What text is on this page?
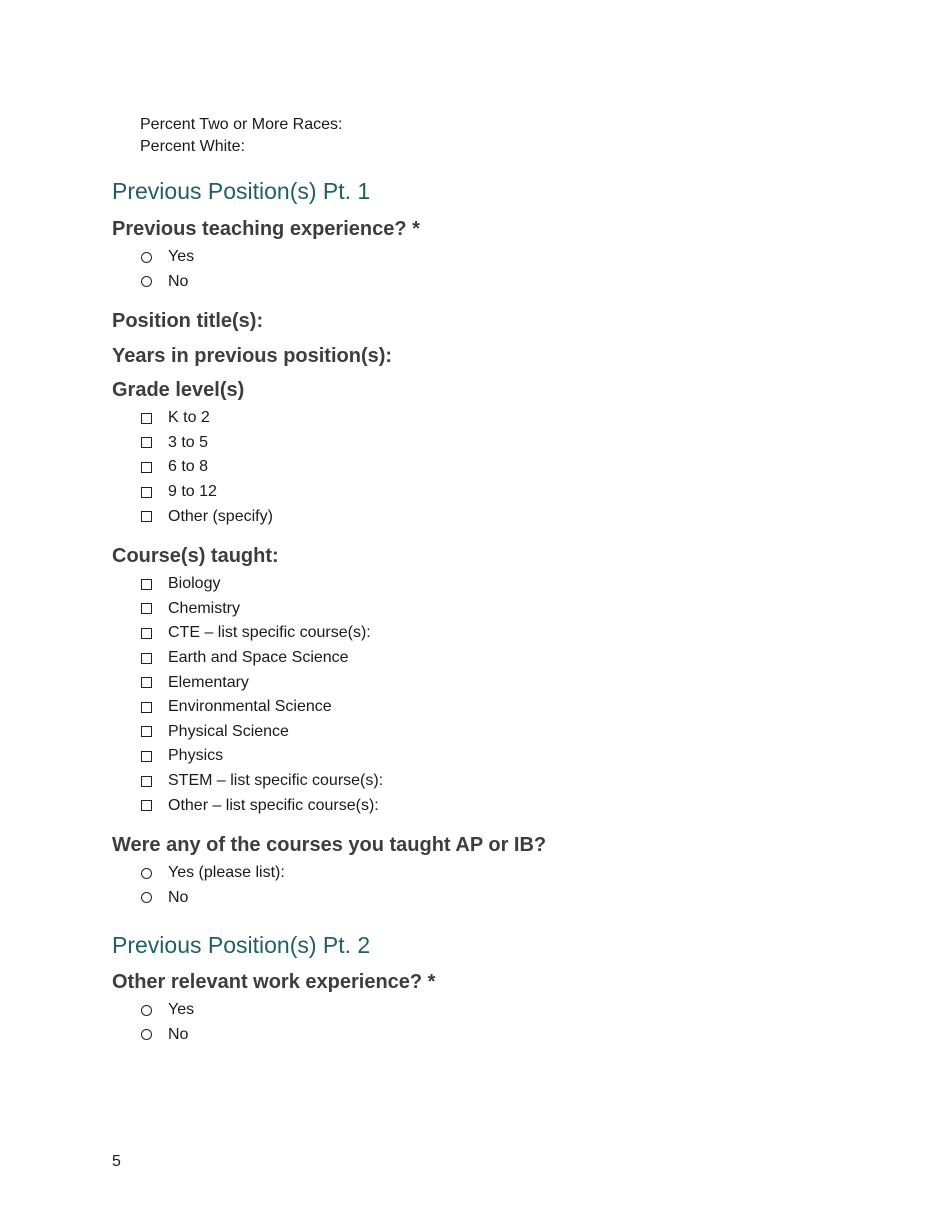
Percent Two or More Races:
Percent White:
Previous Position(s) Pt. 1
Previous teaching experience? *
Yes
No
Position title(s):
Years in previous position(s):
Grade level(s)
K to 2
3 to 5
6 to 8
9 to 12
Other (specify)
Course(s) taught:
Biology
Chemistry
CTE – list specific course(s):
Earth and Space Science
Elementary
Environmental Science
Physical Science
Physics
STEM – list specific course(s):
Other – list specific course(s):
Were any of the courses you taught AP or IB?
Yes (please list):
No
Previous Position(s) Pt. 2
Other relevant work experience? *
Yes
No
5
